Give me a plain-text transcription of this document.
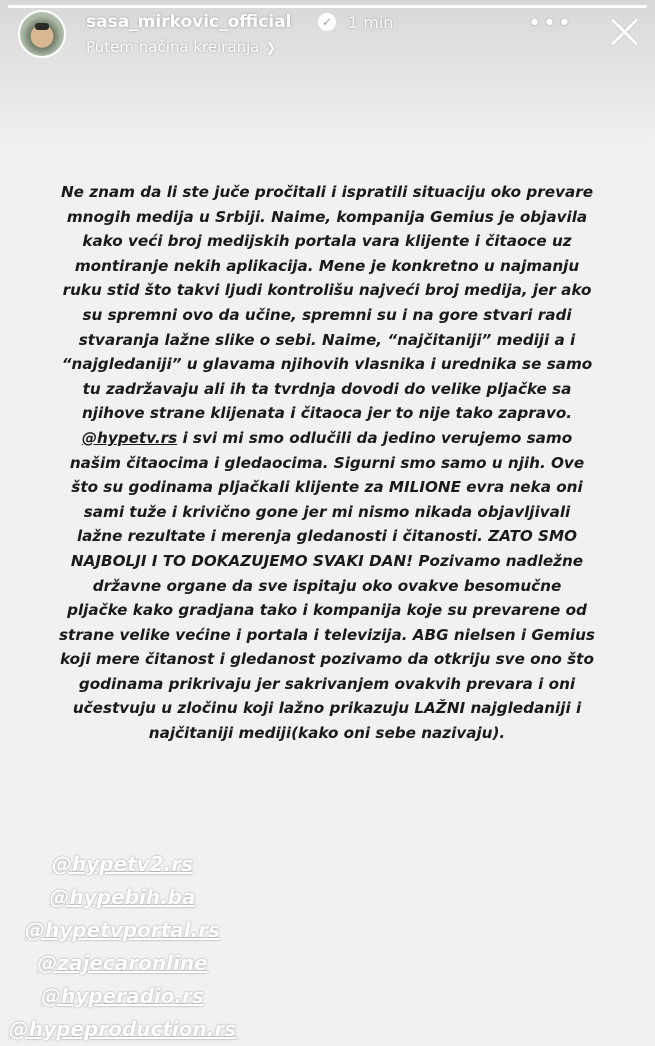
sasa_mirkovic_official	✓ 1 min
Putem načina kreiranja ❯
•••
Ne znam da li ste juče pročitali i ispratili situaciju oko prevare
mnogih medija u Srbiji. Naime, kompanija Gemius je objavila
kako veći broj medijskih portala vara klijente i čitaoce uz
montiranje nekih aplikacija. Mene je konkretno u najmanju
ruku stid što takvi ljudi kontrolišu najveći broj medija, jer ako
su spremni ovo da učine, spremni su i na gore stvari radi
stvaranja lažne slike o sebi. Naime, “najčitaniji” mediji a i
“najgledaniji” u glavama njihovih vlasnika i urednika se samo
tu zadržavaju ali ih ta tvrdnja dovodi do velike pljačke sa
njihove strane klijenata i čitaoca jer to nije tako zapravo.
@hypetv.rs i svi mi smo odlučili da jedino verujemo samo
našim čitaocima i gledaocima. Sigurni smo samo u njih. Ove
što su godinama pljačkali klijente za MILIONE evra neka oni
sami tuže i krivično gone jer mi nismo nikada objavljivali
lažne rezultate i merenja gledanosti i čitanosti. ZATO SMO
NAJBOLJI I TO DOKAZUJEMO SVAKI DAN! Pozivamo nadležne
državne organe da sve ispitaju oko ovakve besomučne
pljačke kako gradjana tako i kompanija koje su prevarene od
strane velike većine i portala i televizija. ABG nielsen i Gemius
koji mere čitanost i gledanost pozivamo da otkriju sve ono što
godinama prikrivaju jer sakrivanjem ovakvih prevara i oni
učestvuju u zločinu koji lažno prikazuju LAŽNI najgledaniji i
najčitaniji mediji(kako oni sebe nazivaju).
@hypetv2.rs
@hypebih.ba
@hypetvportal.rs
@zajecaronline
@hyperadio.rs
@hypeproduction.rs
